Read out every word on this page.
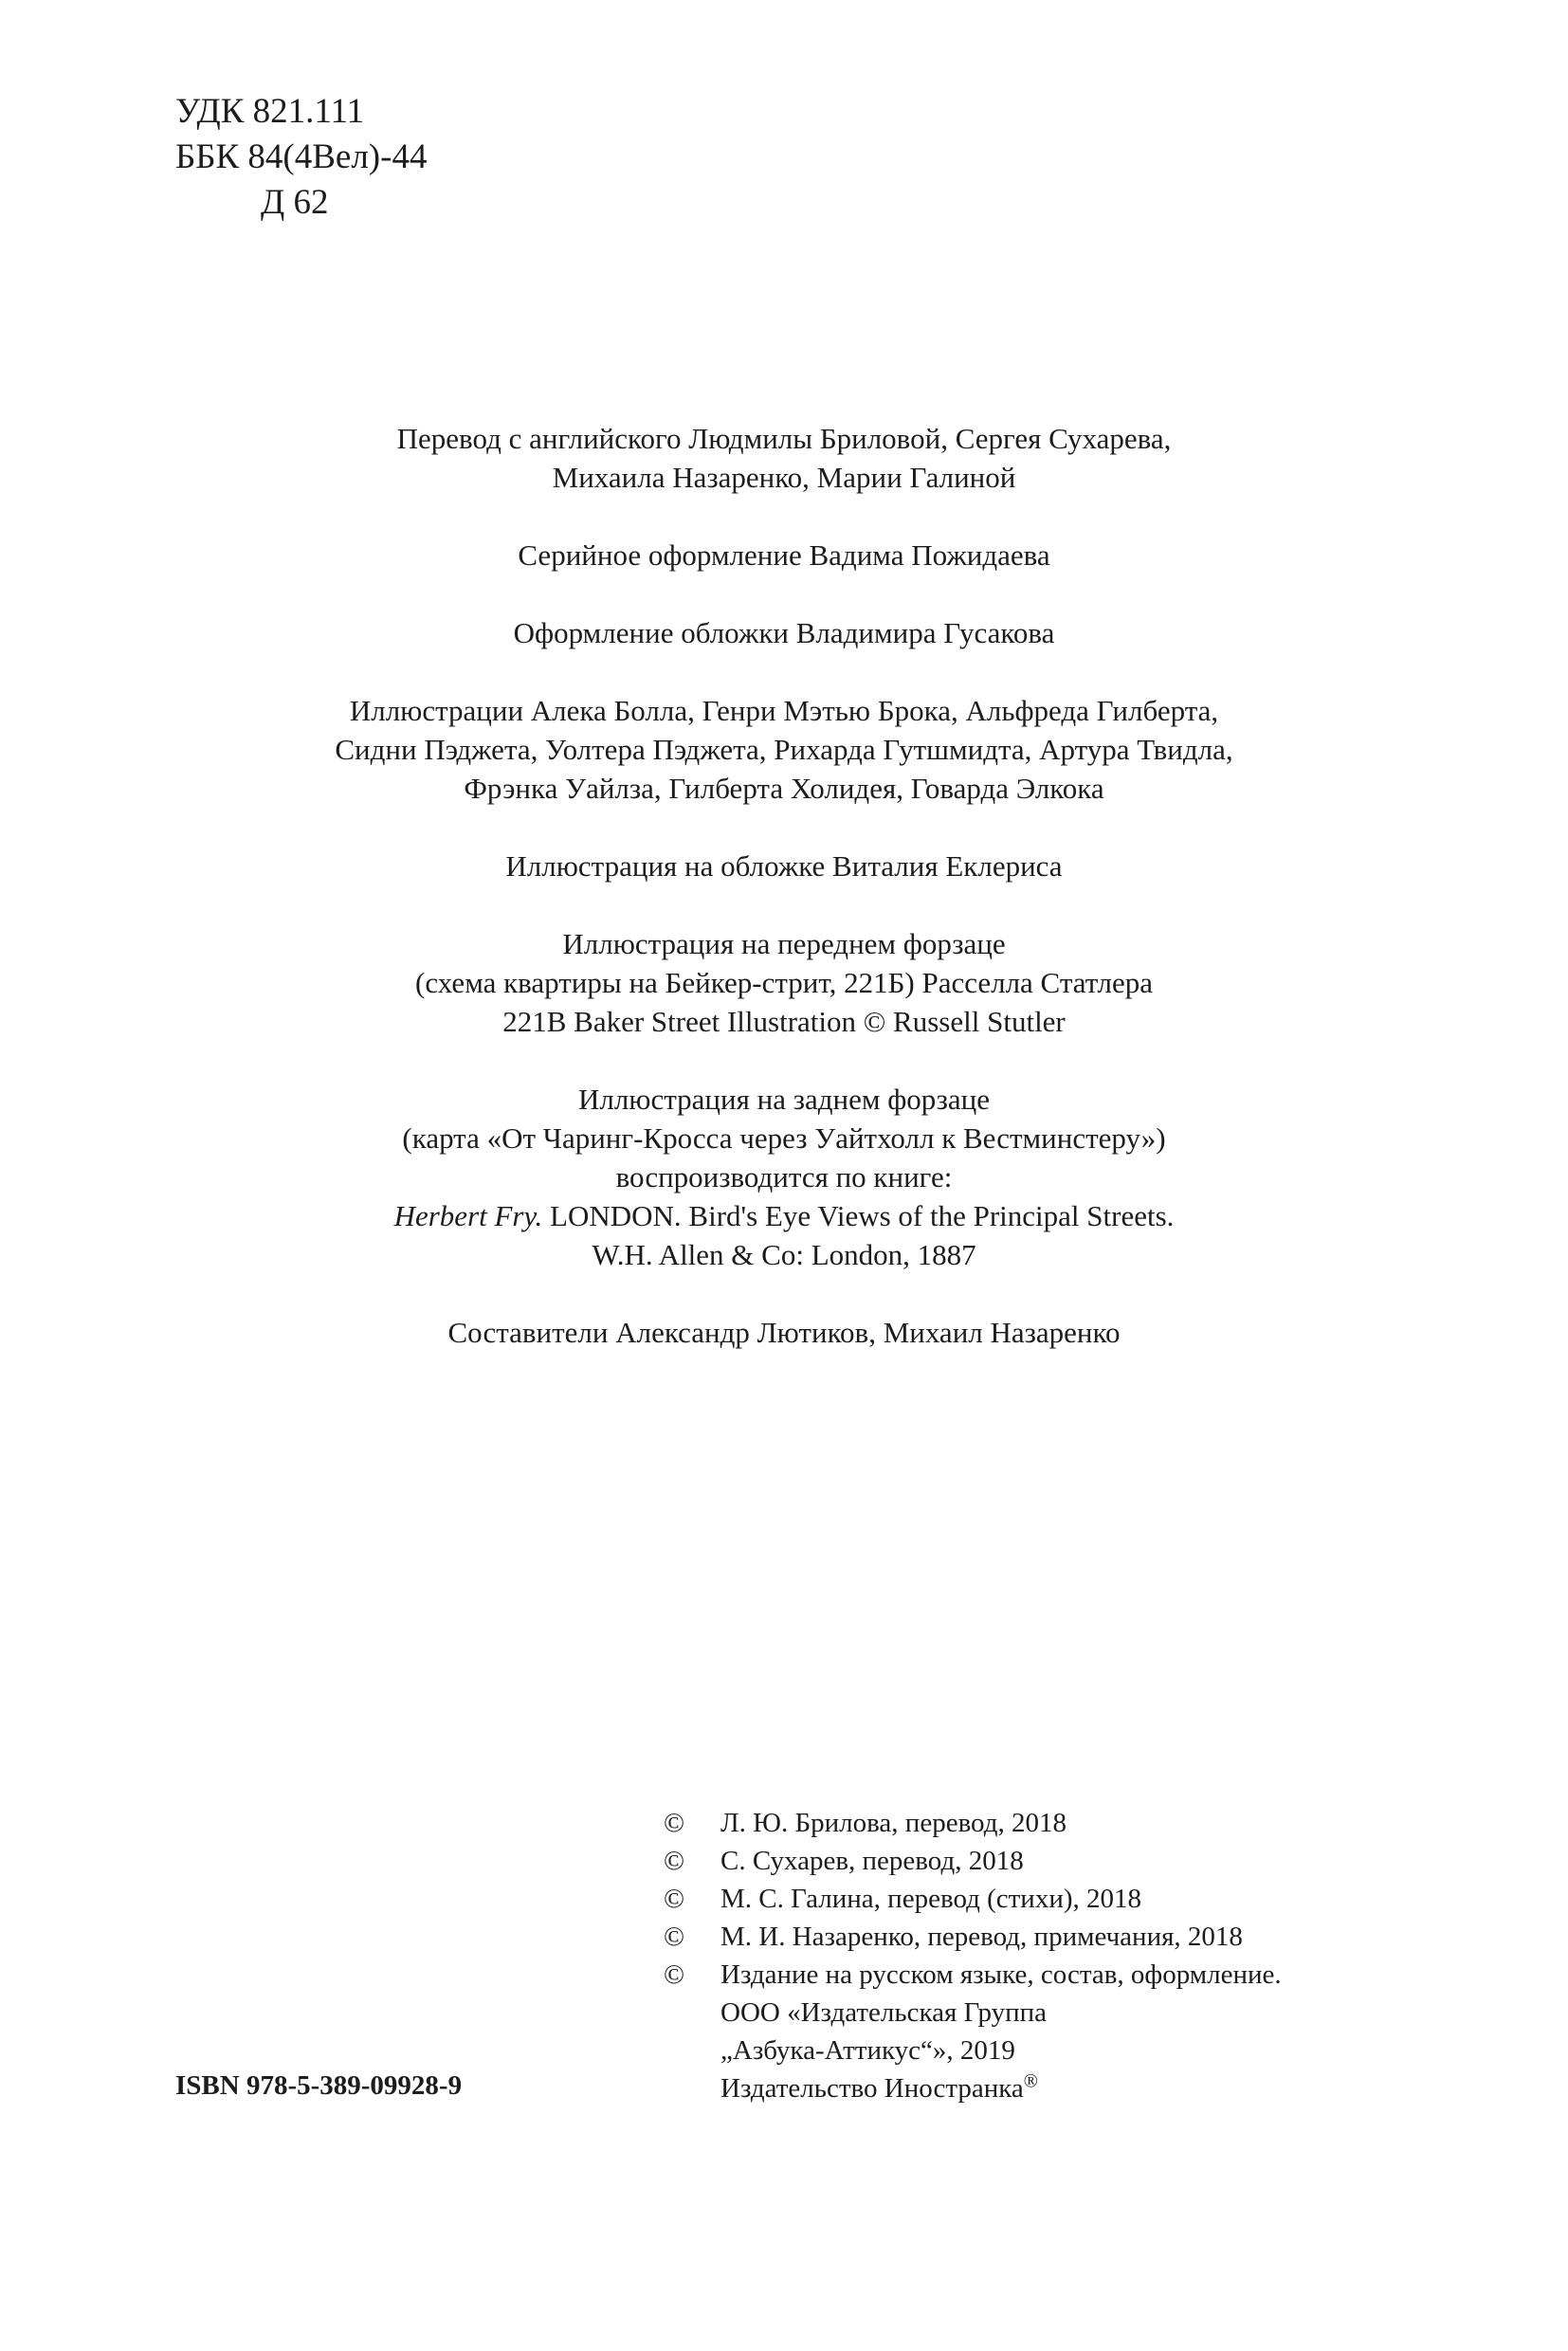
УДК 821.111
ББК 84(4Вел)-44
Д 62
Перевод с английского Людмилы Бриловой, Сергея Сухарева,
Михаила Назаренко, Марии Галиной
Серийное оформление Вадима Пожидаева
Оформление обложки Владимира Гусакова
Иллюстрации Алека Болла, Генри Мэтью Брока, Альфреда Гилберта,
Сидни Пэджета, Уолтера Пэджета, Рихарда Гутшмидта, Артура Твидла,
Фрэнка Уайлза, Гилберта Холидея, Говарда Элкока
Иллюстрация на обложке Виталия Еклериса
Иллюстрация на переднем форзаце
(схема квартиры на Бейкер-стрит, 221Б) Расселла Статлера
221B Baker Street Illustration © Russell Stutler
Иллюстрация на заднем форзаце
(карта «От Чаринг-Кросса через Уайтхолл к Вестминстеру»)
воспроизводится по книге:
Herbert Fry. LONDON. Bird's Eye Views of the Principal Streets.
W.H. Allen & Co: London, 1887
Составители Александр Лютиков, Михаил Назаренко
© Л. Ю. Брилова, перевод, 2018
© С. Сухарев, перевод, 2018
© М. С. Галина, перевод (стихи), 2018
© М. И. Назаренко, перевод, примечания, 2018
© Издание на русском языке, состав, оформление.
ООО «Издательская Группа
„Азбука-Аттикус“», 2019
Издательство Иностранка®
ISBN 978-5-389-09928-9
